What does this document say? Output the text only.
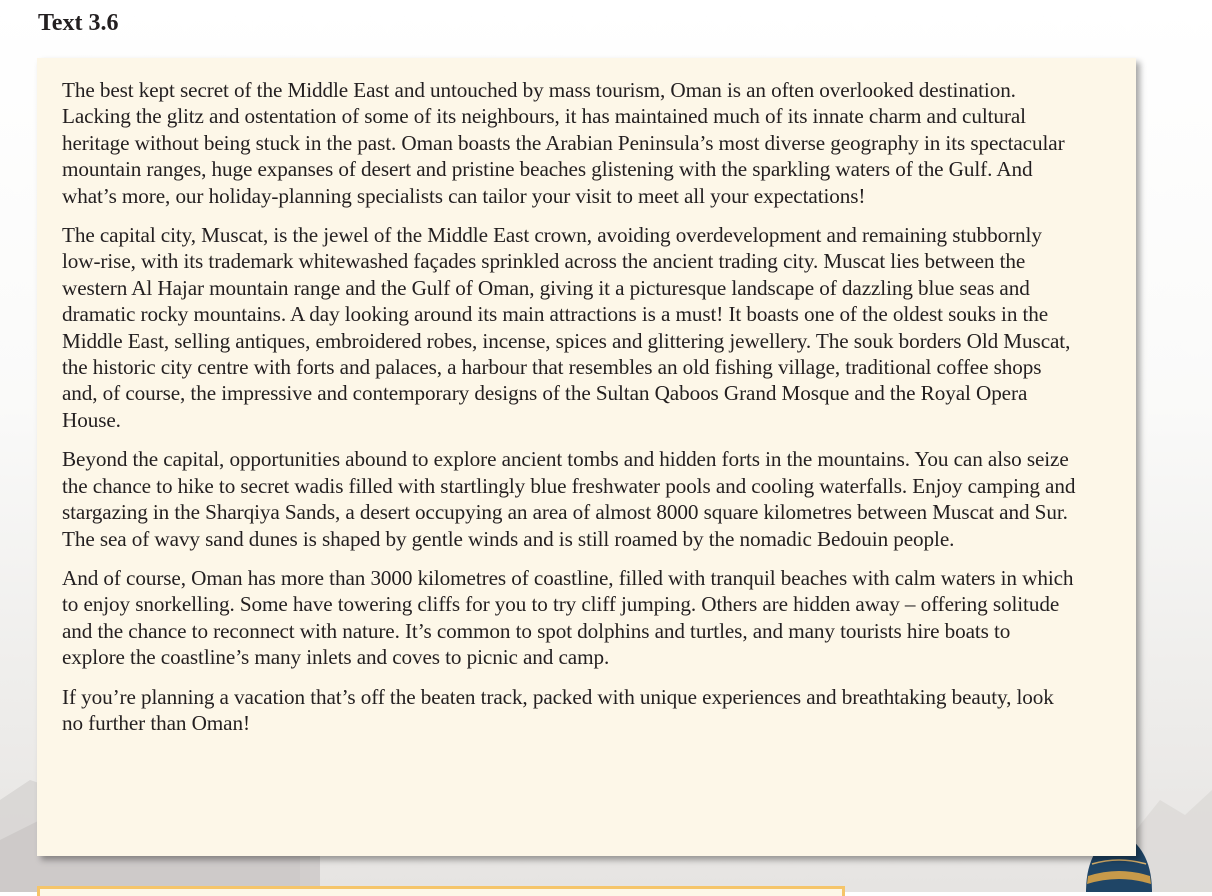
Text 3.6

The best kept secret of the Middle East and untouched by mass tourism, Oman is an often overlooked destination. Lacking the glitz and ostentation of some of its neighbours, it has maintained much of its innate charm and cultural heritage without being stuck in the past. Oman boasts the Arabian Peninsula’s most diverse geography in its spectacular mountain ranges, huge expanses of desert and pristine beaches glistening with the sparkling waters of the Gulf. And what’s more, our holiday-planning specialists can tailor your visit to meet all your expectations!

The capital city, Muscat, is the jewel of the Middle East crown, avoiding overdevelopment and remaining stubbornly low-rise, with its trademark whitewashed façades sprinkled across the ancient trading city. Muscat lies between the western Al Hajar mountain range and the Gulf of Oman, giving it a picturesque landscape of dazzling blue seas and dramatic rocky mountains. A day looking around its main attractions is a must! It boasts one of the oldest souks in the Middle East, selling antiques, embroidered robes, incense, spices and glittering jewellery. The souk borders Old Muscat, the historic city centre with forts and palaces, a harbour that resembles an old fishing village, traditional coffee shops and, of course, the impressive and contemporary designs of the Sultan Qaboos Grand Mosque and the Royal Opera House.

Beyond the capital, opportunities abound to explore ancient tombs and hidden forts in the mountains. You can also seize the chance to hike to secret wadis filled with startlingly blue freshwater pools and cooling waterfalls. Enjoy camping and stargazing in the Sharqiya Sands, a desert occupying an area of almost 8000 square kilometres between Muscat and Sur. The sea of wavy sand dunes is shaped by gentle winds and is still roamed by the nomadic Bedouin people.

And of course, Oman has more than 3000 kilometres of coastline, filled with tranquil beaches with calm waters in which to enjoy snorkelling. Some have towering cliffs for you to try cliff jumping. Others are hidden away – offering solitude and the chance to reconnect with nature. It’s common to spot dolphins and turtles, and many tourists hire boats to explore the coastline’s many inlets and coves to picnic and camp.

If you’re planning a vacation that’s off the beaten track, packed with unique experiences and breathtaking beauty, look no further than Oman!
